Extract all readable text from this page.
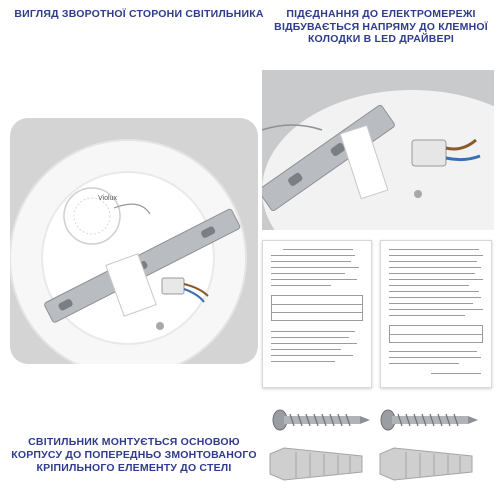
ВИГЛЯД ЗВОРОТНОЇ СТОРОНИ СВІТИЛЬНИКА	ПІДЄДНАННЯ ДО ЕЛЕКТРОМЕРЕЖІ ВІДБУВАЄТЬСЯ НАПРЯМУ ДО КЛЕМНОЇ КОЛОДКИ В LED ДРАЙВЕРІ
СВІТИЛЬНИК МОНТУЄТЬСЯ ОСНОВОЮ КОРПУСУ ДО ПОПЕРЕДНЬО ЗМОНТОВАНОГО КРІПИЛЬНОГО ЕЛЕМЕНТУ ДО СТЕЛІ
Violux
